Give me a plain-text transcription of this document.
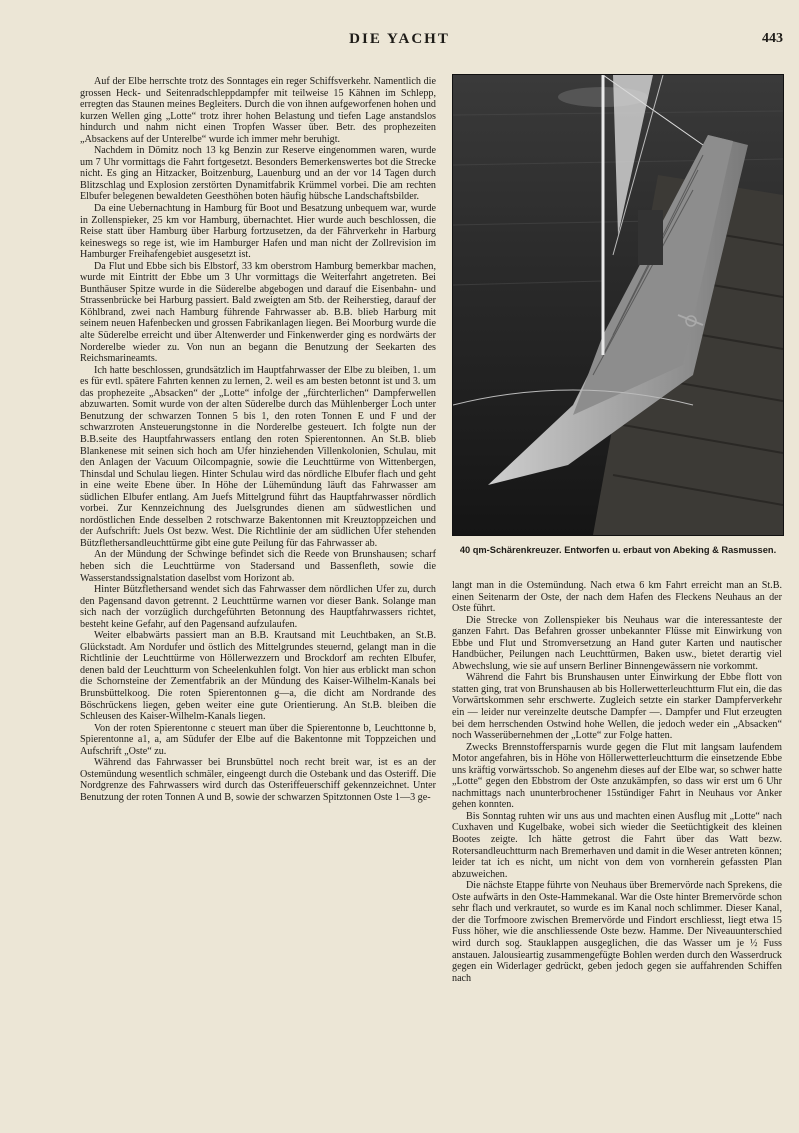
DIE YACHT	443

Auf der Elbe herrschte trotz des Sonntages ein reger Schiffsverkehr. Namentlich die grossen Heck- und Seitenradschleppdampfer mit teilweise 15 Kähnen im Schlepp, erregten das Staunen meines Begleiters. Durch die von ihnen aufgeworfenen hohen und kurzen Wellen ging „Lotte“ trotz ihrer hohen Belastung und tiefen Lage anstandslos hindurch und nahm nicht einen Tropfen Wasser über. Betr. des prophezeiten „Absackens auf der Unterelbe“ wurde ich immer mehr beruhigt.

Nachdem in Dömitz noch 13 kg Benzin zur Reserve eingenommen waren, wurde um 7 Uhr vormittags die Fahrt fortgesetzt. Besonders Bemerkenswertes bot die Strecke nicht. Es ging an Hitzacker, Boitzenburg, Lauenburg und an der vor 14 Tagen durch Blitzschlag und Explosion zerstörten Dynamitfabrik Krümmel vorbei. Die am rechten Elbufer belegenen bewaldeten Geesthöhen boten häufig hübsche Landschaftsbilder.

Da eine Uebernachtung in Hamburg für Boot und Besatzung unbequem war, wurde in Zollenspieker, 25 km vor Hamburg, übernachtet. Hier wurde auch beschlossen, die Reise statt über Hamburg über Harburg fortzusetzen, da der Fährverkehr in Harburg keineswegs so rege ist, wie im Hamburger Hafen und man nicht der Zollrevision im Hamburger Freihafengebiet ausgesetzt ist.

Da Flut und Ebbe sich bis Elbstorf, 33 km oberstrom Hamburg bemerkbar machen, wurde mit Eintritt der Ebbe um 3 Uhr vormittags die Weiterfahrt angetreten. Bei Bunthäuser Spitze wurde in die Süderelbe abgebogen und darauf die Eisenbahn- und Strassenbrücke bei Harburg passiert. Bald zweigten am Stb. der Reiherstieg, darauf der Köhlbrand, zwei nach Hamburg führende Fahrwasser ab. B.B. blieb Harburg mit seinem neuen Hafenbecken und grossen Fabrikanlagen liegen. Bei Moorburg wurde die alte Süderelbe erreicht und über Altenwerder und Finkenwerder ging es nordwärts der Norderelbe wieder zu. Von nun an begann die Benutzung der Seekarten des Reichsmarineamts.

Ich hatte beschlossen, grundsätzlich im Hauptfahrwasser der Elbe zu bleiben, 1. um es für evtl. spätere Fahrten kennen zu lernen, 2. weil es am besten betonnt ist und 3. um das prophezeite „Absacken“ der „Lotte“ infolge der „fürchterlichen“ Dampferwellen abzuwarten. Somit wurde von der alten Süderelbe durch das Mühlenberger Loch unter Benutzung der schwarzen Tonnen 5 bis 1, den roten Tonnen E und F und der schwarzroten Ansteuerungstonne in die Norderelbe gesteuert. Ich folgte nun der B.B.seite des Hauptfahrwassers entlang den roten Spierentonnen. An St.B. blieb Blankenese mit seinen sich hoch am Ufer hinziehenden Villenkolonien, Schulau, mit den Anlagen der Vacuum Oilcompagnie, sowie die Leuchttürme von Wittenbergen, Thinsdal und Schulau liegen. Hinter Schulau wird das nördliche Elbufer flach und geht in eine weite Ebene über. In Höhe der Lühemündung läuft das Fahrwasser am südlichen Elbufer entlang. Am Juefs Mittelgrund führt das Hauptfahrwasser nördlich vorbei. Zur Kennzeichnung des Juelsgrundes dienen am südwestlichen und nordöstlichen Ende desselben 2 rotschwarze Bakentonnen mit Kreuztoppzeichen und der Aufschrift: Juels Ost bezw. West. Die Richtlinie der am südlichen Ufer stehenden Bützflethersandleuchttürme gibt eine gute Peilung für das Fahrwasser ab.

An der Mündung der Schwinge befindet sich die Reede von Brunshausen; scharf heben sich die Leuchttürme von Stadersand und Bassenfleth, sowie die Wasserstandssignalstation daselbst vom Horizont ab.

Hinter Bützflethersand wendet sich das Fahrwasser dem nördlichen Ufer zu, durch den Pagensand davon getrennt. 2 Leuchttürme warnen vor dieser Bank. Solange man sich nach der vorzüglich durchgeführten Betonnung des Hauptfahrwassers richtet, besteht keine Gefahr, auf den Pagensand aufzulaufen.

Weiter elbabwärts passiert man an B.B. Krautsand mit Leuchtbaken, an St.B. Glückstadt. Am Nordufer und östlich des Mittelgrundes steuernd, gelangt man in die Richtlinie der Leuchttürme von Höllerwezzern und Brockdorf am rechten Elbufer, denen bald der Leuchtturm von Scheelenkuhlen folgt. Von hier aus erblickt man schon die Schornsteine der Zementfabrik an der Mündung des Kaiser-Wilhelm-Kanals bei Brunsbüttelkoog. Die roten Spierentonnen g—a, die dicht am Nordrande des Böschrückens liegen, geben weiter eine gute Orientierung. An St.B. bleiben die Schleusen des Kaiser-Wilhelm-Kanals liegen.

Von der roten Spierentonne c steuert man über die Spierentonne b, Leuchttonne b, Spierentonne a1, a, am Südufer der Elbe auf die Bakentonne mit Toppzeichen und Aufschrift „Oste“ zu.

Während das Fahrwasser bei Brunsbüttel noch recht breit war, ist es an der Ostemündung wesentlich schmäler, eingeengt durch die Ostebank und das Osteriff. Die Nordgrenze des Fahrwassers wird durch das Osteriffeuerschiff gekennzeichnet. Unter Benutzung der roten Tonnen A und B, sowie der schwarzen Spitztonnen Oste 1—3 ge-

40 qm-Schärenkreuzer. Entworfen u. erbaut von Abeking & Rasmussen.

langt man in die Ostemündung. Nach etwa 6 km Fahrt erreicht man an St.B. einen Seitenarm der Oste, der nach dem Hafen des Fleckens Neuhaus an der Oste führt.

Die Strecke von Zollenspieker bis Neuhaus war die interessanteste der ganzen Fahrt. Das Befahren grosser unbekannter Flüsse mit Einwirkung von Ebbe und Flut und Stromversetzung an Hand guter Karten und nautischer Handbücher, Peilungen nach Leuchttürmen, Baken usw., bietet derartig viel Abwechslung, wie sie auf unsern Berliner Binnengewässern nie vorkommt.

Während die Fahrt bis Brunshausen unter Einwirkung der Ebbe flott von statten ging, trat von Brunshausen ab bis Hollerwetterleuchtturm Flut ein, die das Vorwärtskommen sehr erschwerte. Zugleich setzte ein starker Dampferverkehr ein — leider nur vereinzelte deutsche Dampfer —. Dampfer und Flut erzeugten bei dem herrschenden Ostwind hohe Wellen, die jedoch weder ein „Absacken“ noch Wasserübernehmen der „Lotte“ zur Folge hatten.

Zwecks Brennstoffersparnis wurde gegen die Flut mit langsam laufendem Motor angefahren, bis in Höhe von Höllerwetterleuchtturm die einsetzende Ebbe uns kräftig vorwärtsschob. So angenehm dieses auf der Elbe war, so schwer hatte „Lotte“ gegen den Ebbstrom der Oste anzukämpfen, so dass wir erst um 6 Uhr nachmittags nach ununterbrochener 15stündiger Fahrt in Neuhaus vor Anker gehen konnten.

Bis Sonntag ruhten wir uns aus und machten einen Ausflug mit „Lotte“ nach Cuxhaven und Kugelbake, wobei sich wieder die Seetüchtigkeit des kleinen Bootes zeigte. Ich hätte getrost die Fahrt über das Watt bezw. Rotersandleuchtturm nach Bremerhaven und damit in die Weser antreten können; leider tat ich es nicht, um nicht von dem von vornherein gefassten Plan abzuweichen.

Die nächste Etappe führte von Neuhaus über Bremervörde nach Sprekens, die Oste aufwärts in den Oste-Hammekanal. War die Oste hinter Bremervörde schon sehr flach und verkrautet, so wurde es im Kanal noch schlimmer. Dieser Kanal, der die Torfmoore zwischen Bremervörde und Findort erschliesst, liegt etwa 15 Fuss höher, wie die anschliessende Oste bezw. Hamme. Der Niveauunterschied wird durch sog. Stauklappen ausgeglichen, die das Wasser um je ½ Fuss anstauen. Jalousieartig zusammengefügte Bohlen werden durch den Wasserdruck gegen ein Widerlager gedrückt, geben jedoch gegen sie auffahrenden Schiffen nach
